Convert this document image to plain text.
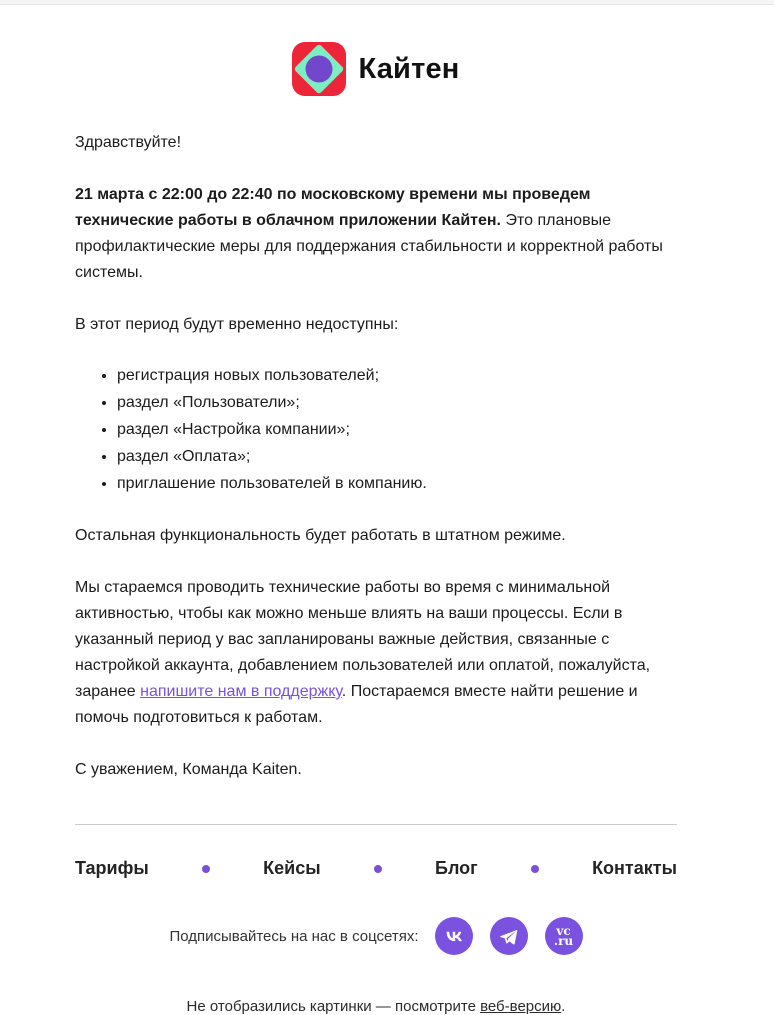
Кайтен

Здравствуйте!

21 марта с 22:00 до 22:40 по московскому времени мы проведем технические работы в облачном приложении Кайтен. Это плановые профилактические меры для поддержания стабильности и корректной работы системы.

В этот период будут временно недоступны:

• регистрация новых пользователей;
• раздел «Пользователи»;
• раздел «Настройка компании»;
• раздел «Оплата»;
• приглашение пользователей в компанию.

Остальная функциональность будет работать в штатном режиме.

Мы стараемся проводить технические работы во время с минимальной активностью, чтобы как можно меньше влиять на ваши процессы. Если в указанный период у вас запланированы важные действия, связанные с настройкой аккаунта, добавлением пользователей или оплатой, пожалуйста, заранее напишите нам в поддержку. Постараемся вместе найти решение и помочь подготовиться к работам.

С уважением, Команда Kaiten.

Тарифы	Кейсы	Блог	Контакты
Подписывайтесь на нас в соцсетях:	vc
.ru

Не отобразились картинки — посмотрите веб-версию.
